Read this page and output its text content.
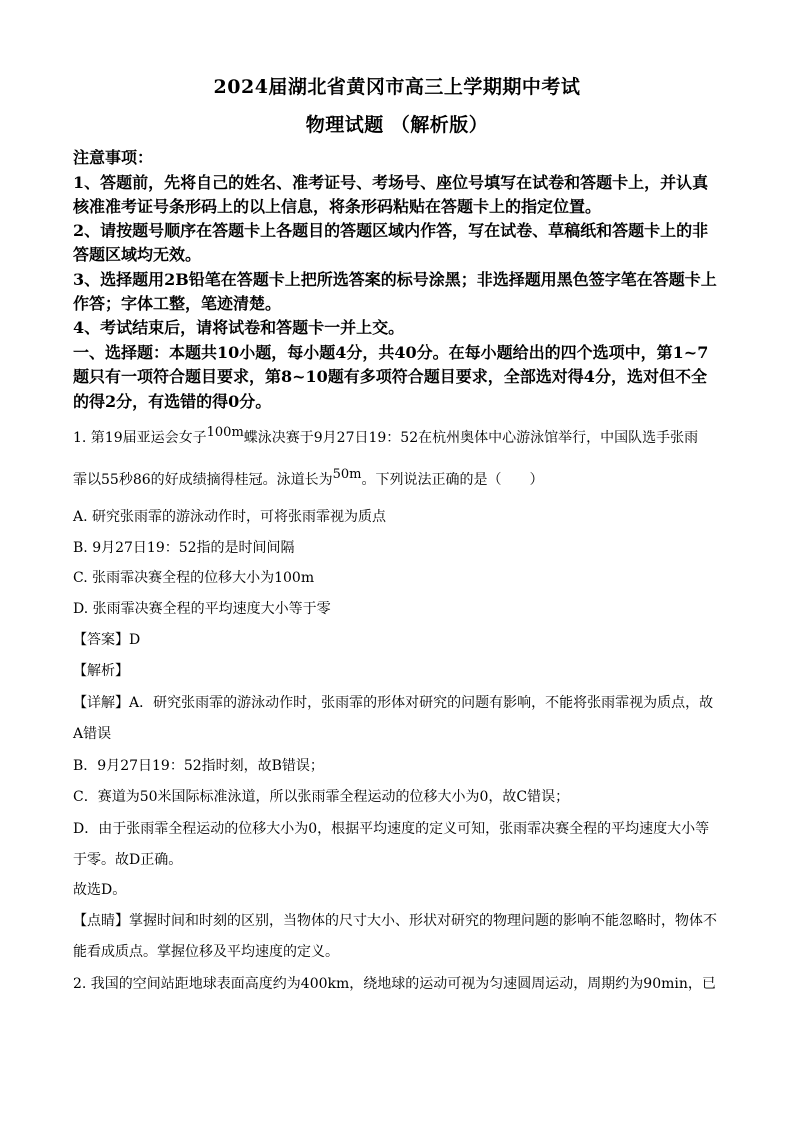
2024届湖北省黄冈市高三上学期期中考试
物理试题 （解析版）
注意事项：
1、答题前，先将自己的姓名、准考证号、考场号、座位号填写在试卷和答题卡上，并认真
核准准考证号条形码上的以上信息，将条形码粘贴在答题卡上的指定位置。
2、请按题号顺序在答题卡上各题目的答题区域内作答，写在试卷、草稿纸和答题卡上的非
答题区域均无效。
3、选择题用2B铅笔在答题卡上把所选答案的标号涂黑；非选择题用黑色签字笔在答题卡上
作答；字体工整，笔迹清楚。
4、考试结束后，请将试卷和答题卡一并上交。
一、选择题：本题共10小题，每小题4分，共40分。在每小题给出的四个选项中，第1~7
题只有一项符合题目要求，第8~10题有多项符合题目要求，全部选对得4分，选对但不全
的得2分，有选错的得0分。
1. 第19届亚运会女子100m蝶泳决赛于9月27日19：52在杭州奥体中心游泳馆举行，中国队选手张雨
霏以55秒86的好成绩摘得桂冠。泳道长为50m。下列说法正确的是（　　）
A. 研究张雨霏的游泳动作时，可将张雨霏视为质点
B. 9月27日19：52指的是时间间隔
C. 张雨霏决赛全程的位移大小为100m
D. 张雨霏决赛全程的平均速度大小等于零
【答案】D
【解析】
【详解】A．研究张雨霏的游泳动作时，张雨霏的形体对研究的问题有影响，不能将张雨霏视为质点，故
A错误
B．9月27日19：52指时刻，故B错误；
C．赛道为50米国际标准泳道，所以张雨霏全程运动的位移大小为0，故C错误；
D．由于张雨霏全程运动的位移大小为0，根据平均速度的定义可知，张雨霏决赛全程的平均速度大小等
于零。故D正确。
故选D。
【点睛】掌握时间和时刻的区别，当物体的尺寸大小、形状对研究的物理问题的影响不能忽略时，物体不
能看成质点。掌握位移及平均速度的定义。
2. 我国的空间站距地球表面高度约为400km，绕地球的运动可视为匀速圆周运动，周期约为90min，已
